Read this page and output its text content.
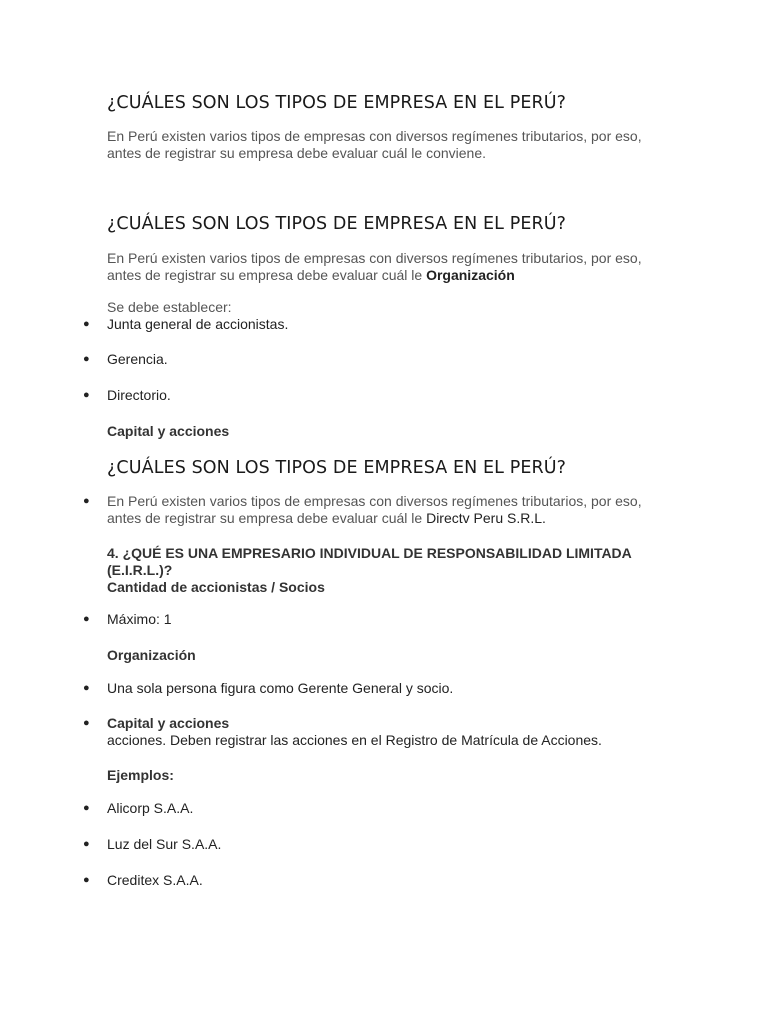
¿CUÁLES SON LOS TIPOS DE EMPRESA EN EL PERÚ?
En Perú existen varios tipos de empresas con diversos regímenes tributarios, por eso,
antes de registrar su empresa debe evaluar cuál le conviene.
¿CUÁLES SON LOS TIPOS DE EMPRESA EN EL PERÚ?
En Perú existen varios tipos de empresas con diversos regímenes tributarios, por eso,
antes de registrar su empresa debe evaluar cuál le Organización
Se debe establecer:
● Junta general de accionistas.
● Gerencia.
● Directorio.
Capital y acciones
¿CUÁLES SON LOS TIPOS DE EMPRESA EN EL PERÚ?
● En Perú existen varios tipos de empresas con diversos regímenes tributarios, por eso,
antes de registrar su empresa debe evaluar cuál le Directv Peru S.R.L.
4. ¿QUÉ ES UNA EMPRESARIO INDIVIDUAL DE RESPONSABILIDAD LIMITADA
(E.I.R.L.)?
Cantidad de accionistas / Socios
● Máximo: 1
Organización
● Una sola persona figura como Gerente General y socio.
● Capital y acciones
acciones. Deben registrar las acciones en el Registro de Matrícula de Acciones.
Ejemplos:
● Alicorp S.A.A.
● Luz del Sur S.A.A.
● Creditex S.A.A.
